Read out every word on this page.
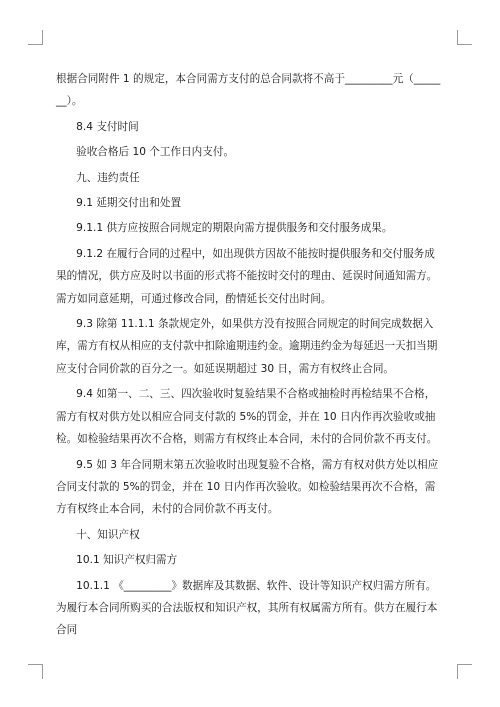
根据合同附件 1 的规定，本合同需方支付的总合同款将不高于_________元（_______）。

8.4 支付时间

验收合格后 10 个工作日内支付。

九、违约责任

9.1 延期交付出和处置

9.1.1 供方应按照合同规定的期限向需方提供服务和交付服务成果。

9.1.2 在履行合同的过程中，如出现供方因故不能按时提供服务和交付服务成果的情况，供方应及时以书面的形式将不能按时交付的理由、延误时间通知需方。需方如同意延期，可通过修改合同，酌情延长交付出时间。

9.3 除第 11.1.1 条款规定外，如果供方没有按照合同规定的时间完成数据入库，需方有权从相应的支付款中扣除逾期违约金。逾期违约金为每延迟一天扣当期应支付合同价款的百分之一。如延误期超过 30 日，需方有权终止合同。

9.4 如第一、二、三、四次验收时复验结果不合格或抽检时再检结果不合格，需方有权对供方处以相应合同支付款的 5%的罚金，并在 10 日内作再次验收或抽检。如检验结果再次不合格，则需方有权终止本合同，未付的合同价款不再支付。

9.5 如 3 年合同期末第五次验收时出现复验不合格，需方有权对供方处以相应合同支付款的 5%的罚金，并在 10 日内作再次验收。如检验结果再次不合格，需方有权终止本合同，未付的合同价款不再支付。

十、知识产权

10.1 知识产权归需方

10.1.1 《_________》数据库及其数据、软件、设计等知识产权归需方所有。为履行本合同所购买的合法版权和知识产权，其所有权属需方所有。供方在履行本合同
